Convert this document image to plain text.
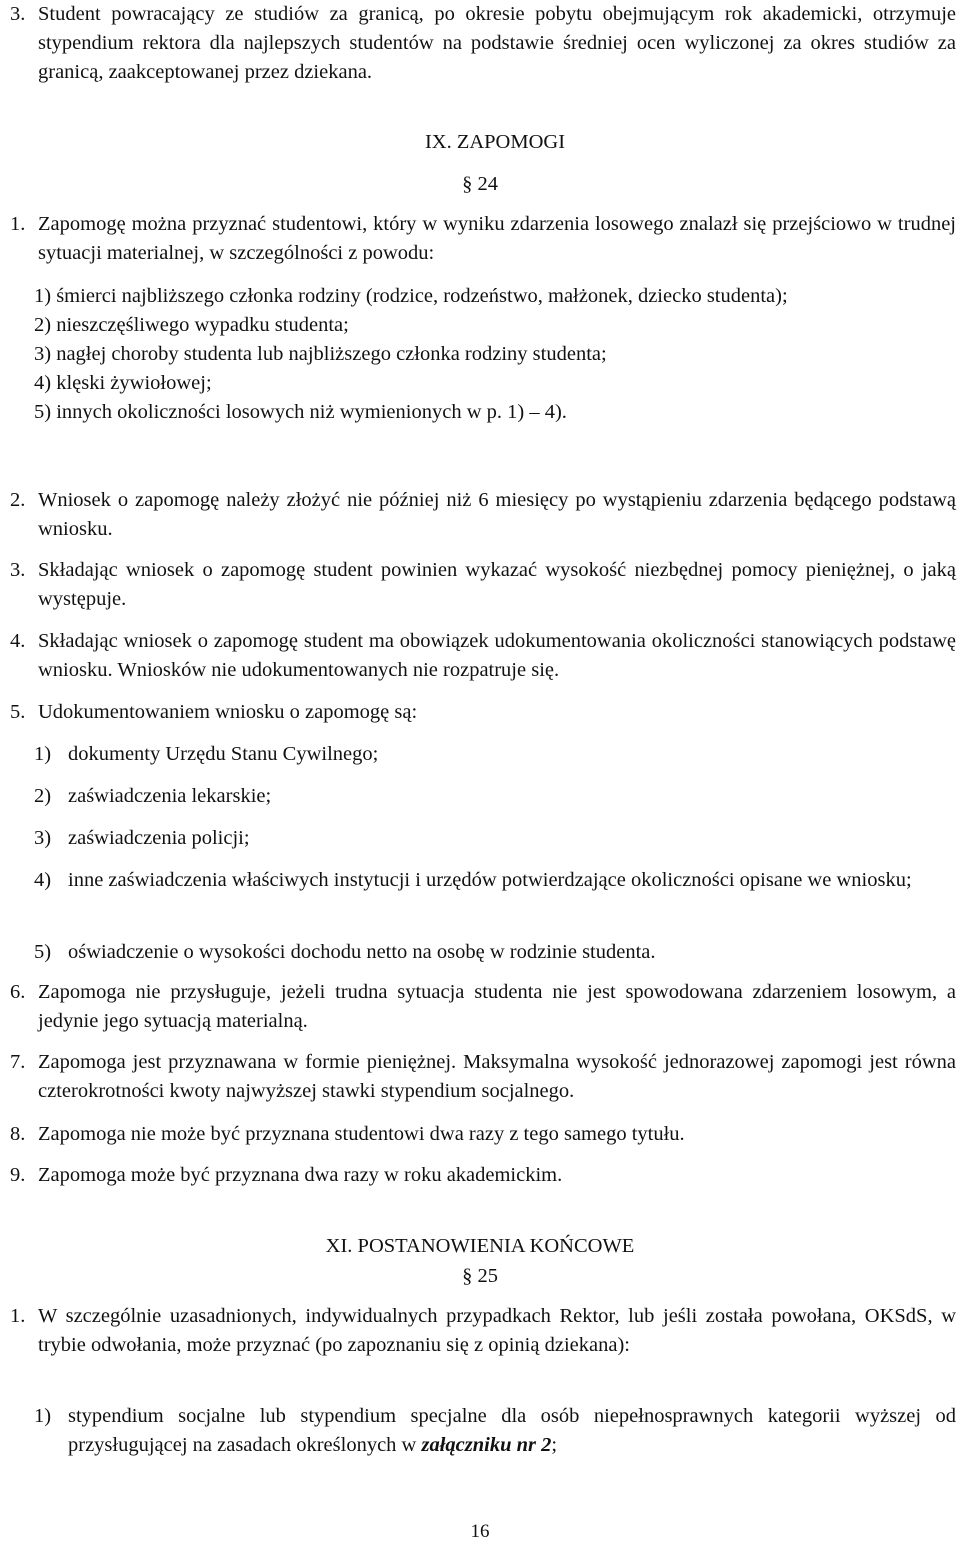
3. Student powracający ze studiów za granicą, po okresie pobytu obejmującym rok akademicki, otrzymuje stypendium rektora dla najlepszych studentów na podstawie średniej ocen wyliczonej za okres studiów za granicą, zaakceptowanej przez dziekana.
IX. ZAPOMOGI
§ 24
1. Zapomogę można przyznać studentowi, który w wyniku zdarzenia losowego znalazł się przejściowo w trudnej sytuacji materialnej, w szczególności z powodu:
1) śmierci najbliższego członka rodziny (rodzice, rodzeństwo, małżonek, dziecko studenta);
2) nieszczęśliwego wypadku studenta;
3) nagłej choroby studenta lub najbliższego członka rodziny studenta;
4) klęski żywiołowej;
5) innych okoliczności losowych niż wymienionych w p. 1) – 4).
2. Wniosek o zapomogę należy złożyć nie później niż 6 miesięcy po wystąpieniu zdarzenia będącego podstawą wniosku.
3. Składając wniosek o zapomogę student powinien wykazać wysokość niezbędnej pomocy pieniężnej, o jaką występuje.
4. Składając wniosek o zapomogę student ma obowiązek udokumentowania okoliczności stanowiących podstawę wniosku. Wniosków nie udokumentowanych nie rozpatruje się.
5. Udokumentowaniem wniosku o zapomogę są:
1) dokumenty Urzędu Stanu Cywilnego;
2) zaświadczenia lekarskie;
3) zaświadczenia policji;
4) inne zaświadczenia właściwych instytucji i urzędów potwierdzające okoliczności opisane we wniosku;
5) oświadczenie o wysokości dochodu netto na osobę w rodzinie studenta.
6. Zapomoga nie przysługuje, jeżeli trudna sytuacja studenta nie jest spowodowana zdarzeniem losowym, a jedynie jego sytuacją materialną.
7. Zapomoga jest przyznawana w formie pieniężnej. Maksymalna wysokość jednorazowej zapomogi jest równa czterokrotności kwoty najwyższej stawki stypendium socjalnego.
8. Zapomoga nie może być przyznana studentowi dwa razy z tego samego tytułu.
9. Zapomoga może być przyznana dwa razy w roku akademickim.
XI. POSTANOWIENIA KOŃCOWE
§ 25
1. W szczególnie uzasadnionych, indywidualnych przypadkach Rektor, lub jeśli została powołana, OKSdS, w trybie odwołania, może przyznać (po zapoznaniu się z opinią dziekana):
1) stypendium socjalne lub stypendium specjalne dla osób niepełnosprawnych kategorii wyższej od przysługującej na zasadach określonych w załączniku nr 2;
16
